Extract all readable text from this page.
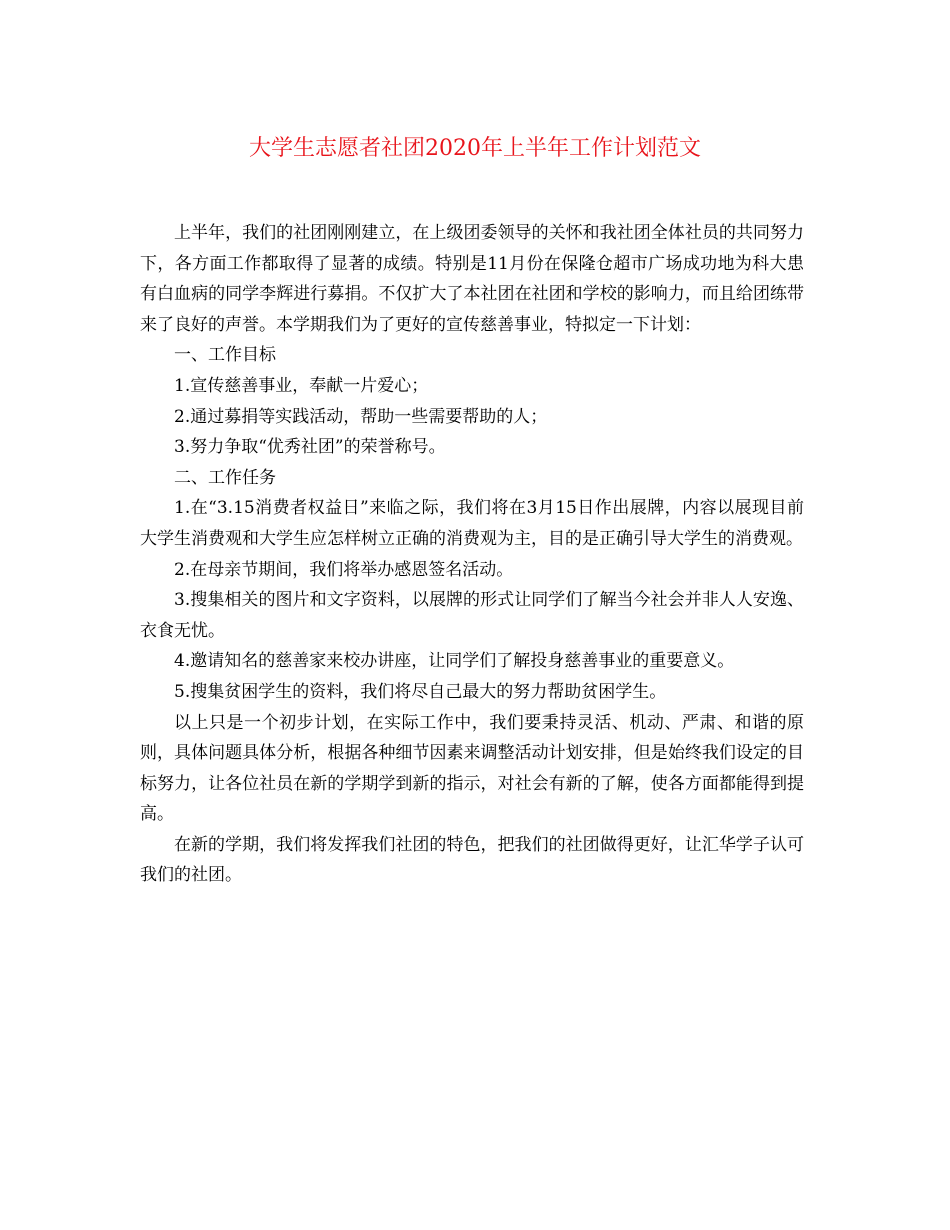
大学生志愿者社团2020年上半年工作计划范文

上半年，我们的社团刚刚建立，在上级团委领导的关怀和我社团全体社员的共同努力下，各方面工作都取得了显著的成绩。特别是11月份在保隆仓超市广场成功地为科大患有白血病的同学李辉进行募捐。不仅扩大了本社团在社团和学校的影响力，而且给团练带来了良好的声誉。本学期我们为了更好的宣传慈善事业，特拟定一下计划：

一、工作目标

1.宣传慈善事业，奉献一片爱心；

2.通过募捐等实践活动，帮助一些需要帮助的人；

3.努力争取“优秀社团”的荣誉称号。

二、工作任务

1.在“3.15消费者权益日”来临之际，我们将在3月15日作出展牌，内容以展现目前大学生消费观和大学生应怎样树立正确的消费观为主，目的是正确引导大学生的消费观。

2.在母亲节期间，我们将举办感恩签名活动。

3.搜集相关的图片和文字资料，以展牌的形式让同学们了解当今社会并非人人安逸、衣食无忧。

4.邀请知名的慈善家来校办讲座，让同学们了解投身慈善事业的重要意义。

5.搜集贫困学生的资料，我们将尽自己最大的努力帮助贫困学生。

以上只是一个初步计划，在实际工作中，我们要秉持灵活、机动、严肃、和谐的原则，具体问题具体分析，根据各种细节因素来调整活动计划安排，但是始终我们设定的目标努力，让各位社员在新的学期学到新的指示，对社会有新的了解，使各方面都能得到提高。

在新的学期，我们将发挥我们社团的特色，把我们的社团做得更好，让汇华学子认可我们的社团。
